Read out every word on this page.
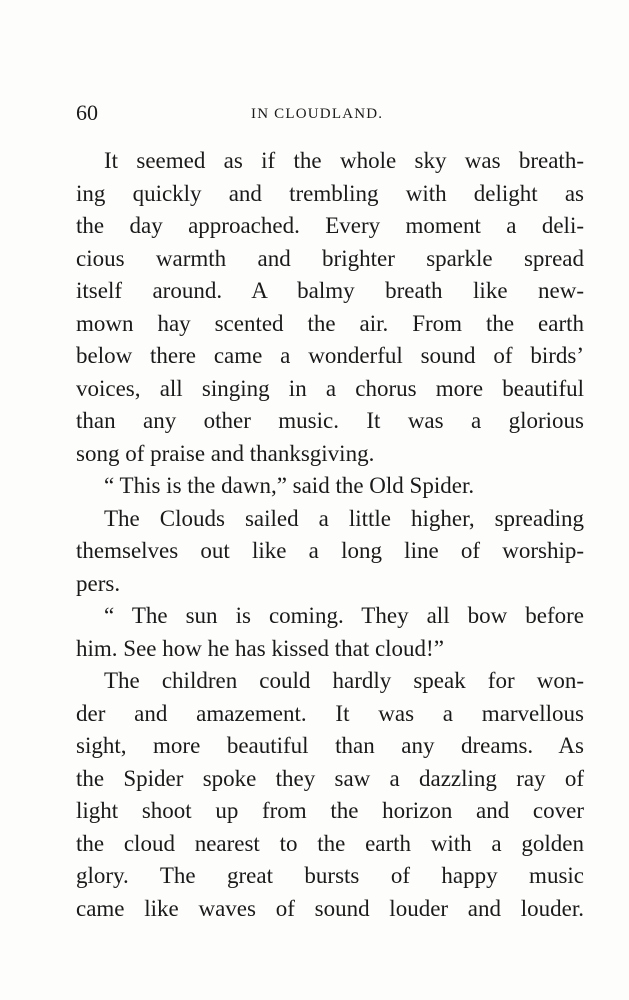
60	IN CLOUDLAND.
It seemed as if the whole sky was breath-
ing quickly and trembling with delight as
the day approached. Every moment a deli-
cious warmth and brighter sparkle spread
itself around. A balmy breath like new-
mown hay scented the air. From the earth
below there came a wonderful sound of birds’
voices, all singing in a chorus more beautiful
than any other music. It was a glorious
song of praise and thanksgiving.
“ This is the dawn,” said the Old Spider.
The Clouds sailed a little higher, spreading
themselves out like a long line of worship-
pers.
“ The sun is coming. They all bow before
him. See how he has kissed that cloud!”
The children could hardly speak for won-
der and amazement. It was a marvellous
sight, more beautiful than any dreams. As
the Spider spoke they saw a dazzling ray of
light shoot up from the horizon and cover
the cloud nearest to the earth with a golden
glory. The great bursts of happy music
came like waves of sound louder and louder.
